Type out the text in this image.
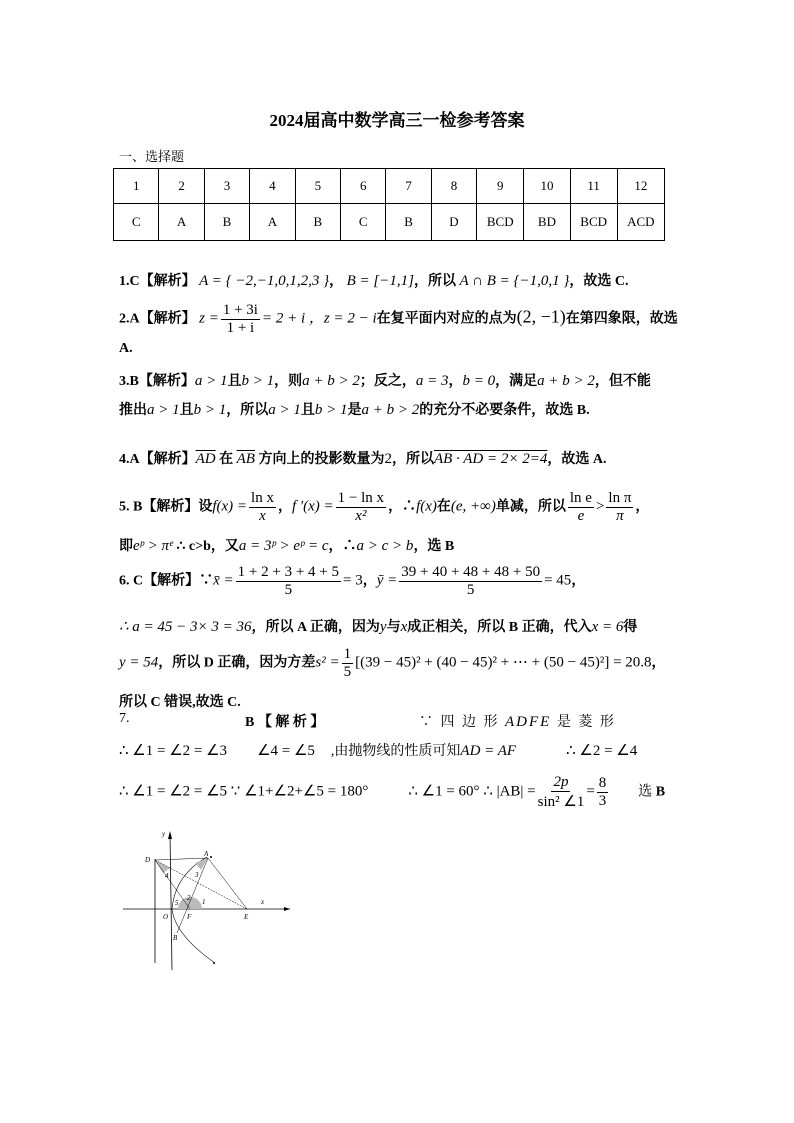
2024届高中数学高三一检参考答案
一、选择题
1	2	3	4	5	6	7	8	9	10	11	12
C	A	B	A	B	C	B	D	BCD	BD	BCD	ACD
1.C【解析】 A = { −2,−1,0,1,2,3 }， B = [−1,1]，所以 A ∩ B = {−1,0,1 }，故选 C.
2.A【解析】 $z = \frac{1 + 3i}{1 + i} = 2 + i$ ，z = 2 − i在复平面内对应的点为(2, −1)在第四象限，故选
A.
3.B【解析】a > 1且b > 1，则a + b > 2；反之，a = 3，b = 0，满足a + b > 2，但不能
推出a > 1且b > 1，所以a > 1且b > 1是a + b > 2的充分不必要条件，故选 B.
4.A【解析】$\overline{AD}$ 在 $\overline{AB}$ 方向上的投影数量为2，所以AB · AD = 2× 2=4，故选 A.
5. B【解析】设$f(x) = \frac{\text{ln x}}{x}$ ，f $'(x) = \frac{\text{1 − ln x}}{\text{x²}}$ ，∴f(x)在(e, +∞)单减，所以 $\frac{\text{ln e}}{e} > \frac{\text{ln π}}{\pi}$ ，
即eᵖ > πᵉ ∴ c>b，又a = 3ᵖ > eᵖ = c，∴a > c > b，选 B
6. C【解析】∵x̄ = $\frac{1 + 2 + 3 + 4 + 5}{5} = 3$，ȳ = $\frac{39 + 40 + 48 + 48 + 50}{5} = 45$，
∴ a = 45 − 3× 3 = 36，所以 A 正确，因为y与x成正相关，所以 B 正确，代入x = 6得
y = 54，所以 D 正确，因为方差$s^2 = \frac{1}{5} [(39 - 45)^2 + (40 - 45)^2$ + ⋯ + (50 − 45)²] = 20.8，
所以 C 错误,故选 C.
7.	B 【 解 析 】	∵ 四 边 形 ADFE 是 菱 形
∴ ∠1 = ∠2 = ∠3 ∠4 = ∠5 ,由抛物线的性质可知AD = AF	∴ ∠2 = ∠4
∴ ∠1 = ∠2 = ∠5 ∵ ∠1+∠2+∠5 = 180°	∴ ∠1 = 60° ∴ $|AB| = \frac{2p}{\text{sin² ∠1}} = \frac{8}{3}$ 选 B
x
y
D
A
O	F	E
B
1
2
3
4
5
